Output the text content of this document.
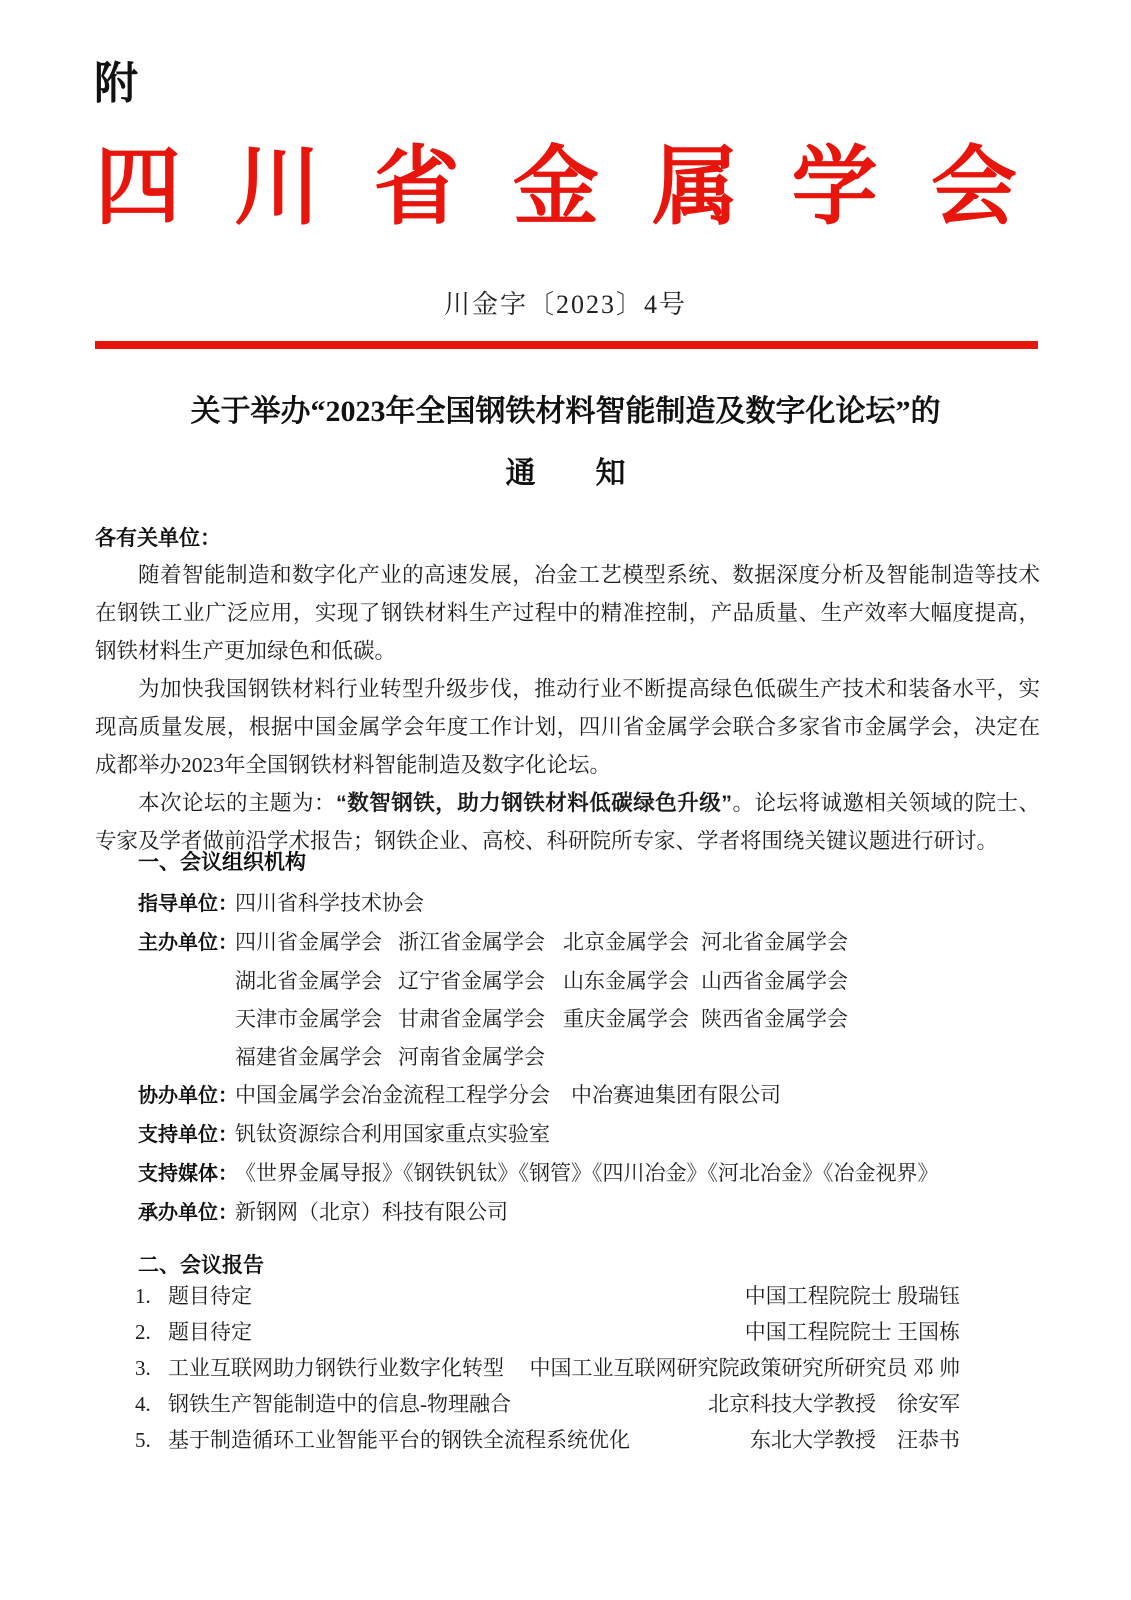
附
四 川 省 金 属 学 会
川金字〔2023〕4号
关于举办“2023年全国钢铁材料智能制造及数字化论坛”的
通　　知
各有关单位：

随着智能制造和数字化产业的高速发展，冶金工艺模型系统、数据深度分析及智能制造等技术在钢铁工业广泛应用，实现了钢铁材料生产过程中的精准控制，产品质量、生产效率大幅度提高，钢铁材料生产更加绿色和低碳。

为加快我国钢铁材料行业转型升级步伐，推动行业不断提高绿色低碳生产技术和装备水平，实现高质量发展，根据中国金属学会年度工作计划，四川省金属学会联合多家省市金属学会，决定在成都举办2023年全国钢铁材料智能制造及数字化论坛。

本次论坛的主题为：“数智钢铁，助力钢铁材料低碳绿色升级”。论坛将诚邀相关领域的院士、专家及学者做前沿学术报告；钢铁企业、高校、科研院所专家、学者将围绕关键议题进行研讨。

一、会议组织机构
指导单位：四川省科学技术协会
主办单位：四川省金属学会 浙江省金属学会 北京金属学会 河北省金属学会
湖北省金属学会 辽宁省金属学会 山东金属学会 山西省金属学会
天津市金属学会 甘肃省金属学会 重庆金属学会 陕西省金属学会
福建省金属学会 河南省金属学会
协办单位：中国金属学会冶金流程工程学分会　中冶赛迪集团有限公司
支持单位：钒钛资源综合利用国家重点实验室
支持媒体：《世界金属导报》《钢铁钒钛》《钢管》《四川冶金》《河北冶金》《冶金视界》
承办单位：新钢网（北京）科技有限公司
二、会议报告
1. 题目待定	中国工程院院士 殷瑞钰
2. 题目待定	中国工程院院士 王国栋
3. 工业互联网助力钢铁行业数字化转型	中国工业互联网研究院政策研究所研究员 邓 帅
4. 钢铁生产智能制造中的信息-物理融合	北京科技大学教授　徐安军
5. 基于制造循环工业智能平台的钢铁全流程系统优化	东北大学教授　汪恭书
